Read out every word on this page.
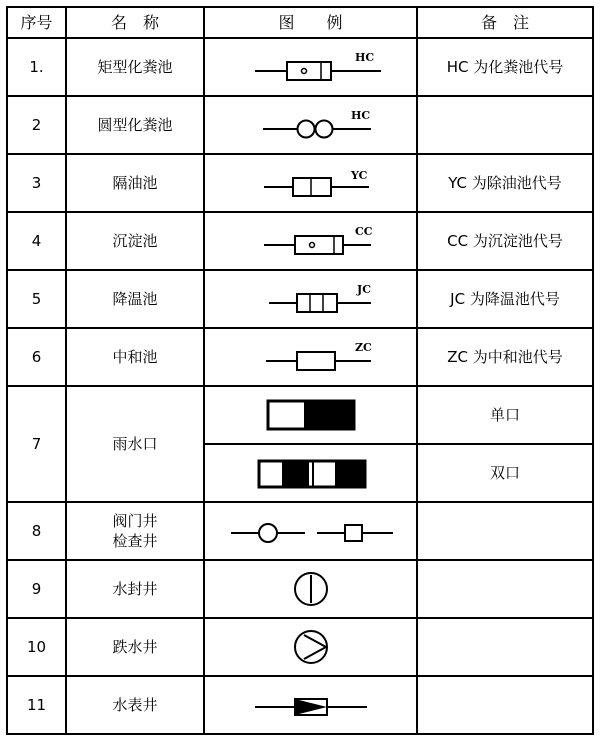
序号	名　称	图　　例	备　注
1.	矩型化粪池	HC	HC 为化粪池代号
2	圆型化粪池	HC	

3	隔油池	YC	YC 为除油池代号
4	沉淀池	CC	CC 为沉淀池代号
5	降温池	JC	JC 为降温池代号
6	中和池	ZC	ZC 为中和池代号
7	雨水口		单口

	双口
8	阀门井
检查井

9	水封井	

10	跌水井	

11	水表井	
